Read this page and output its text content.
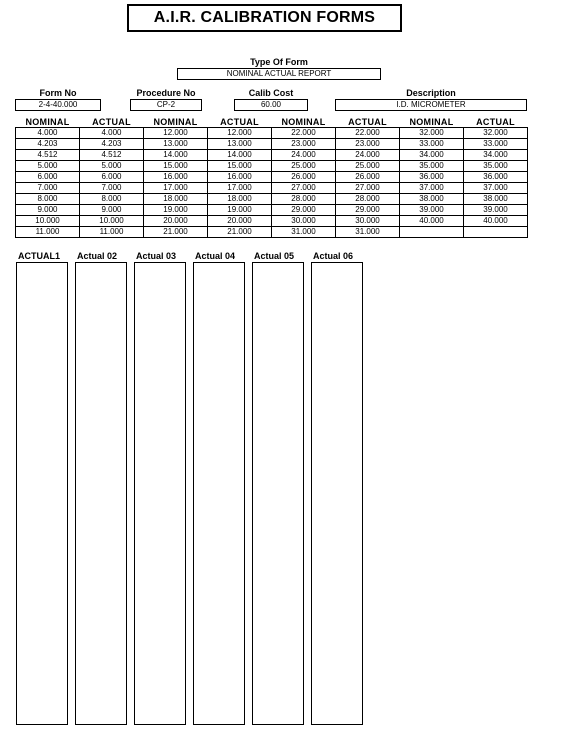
A.I.R. CALIBRATION FORMS
Type Of Form
NOMINAL ACTUAL REPORT
Form No
2-4-40.000
Procedure No
CP-2
Calib Cost
60.00
Description
I.D. MICROMETER
NOMINAL	ACTUAL	NOMINAL	ACTUAL	NOMINAL	ACTUAL	NOMINAL	ACTUAL
4.000	4.000	12.000	12.000	22.000	22.000	32.000	32.000
4.203	4.203	13.000	13.000	23.000	23.000	33.000	33.000
4.512	4.512	14.000	14.000	24.000	24.000	34.000	34.000
5.000	5.000	15.000	15.000	25.000	25.000	35.000	35.000
6.000	6.000	16.000	16.000	26.000	26.000	36.000	36.000
7.000	7.000	17.000	17.000	27.000	27.000	37.000	37.000
8.000	8.000	18.000	18.000	28.000	28.000	38.000	38.000
9.000	9.000	19.000	19.000	29.000	29.000	39.000	39.000
10.000	10.000	20.000	20.000	30.000	30.000	40.000	40.000
11.000	11.000	21.000	21.000	31.000	31.000		
ACTUAL1 Actual 02 Actual 03 Actual 04 Actual 05 Actual 06
